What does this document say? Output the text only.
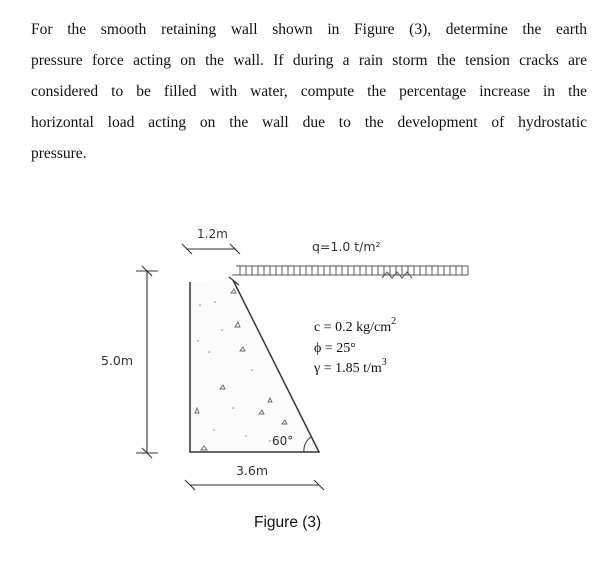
For the smooth retaining wall shown in Figure (3), determine the earth
pressure force acting on the wall. If during a rain storm the tension cracks are
considered to be filled with water, compute the percentage increase in the
horizontal load acting on the wall due to the development of hydrostatic
pressure.
1.2m
q=1.0 t/m²
5.0m
60°
3.6m
c = 0.2 $kg/cm^2$
ϕ = 25°
γ = 1.85 $t/m^3$
Figure (3)
